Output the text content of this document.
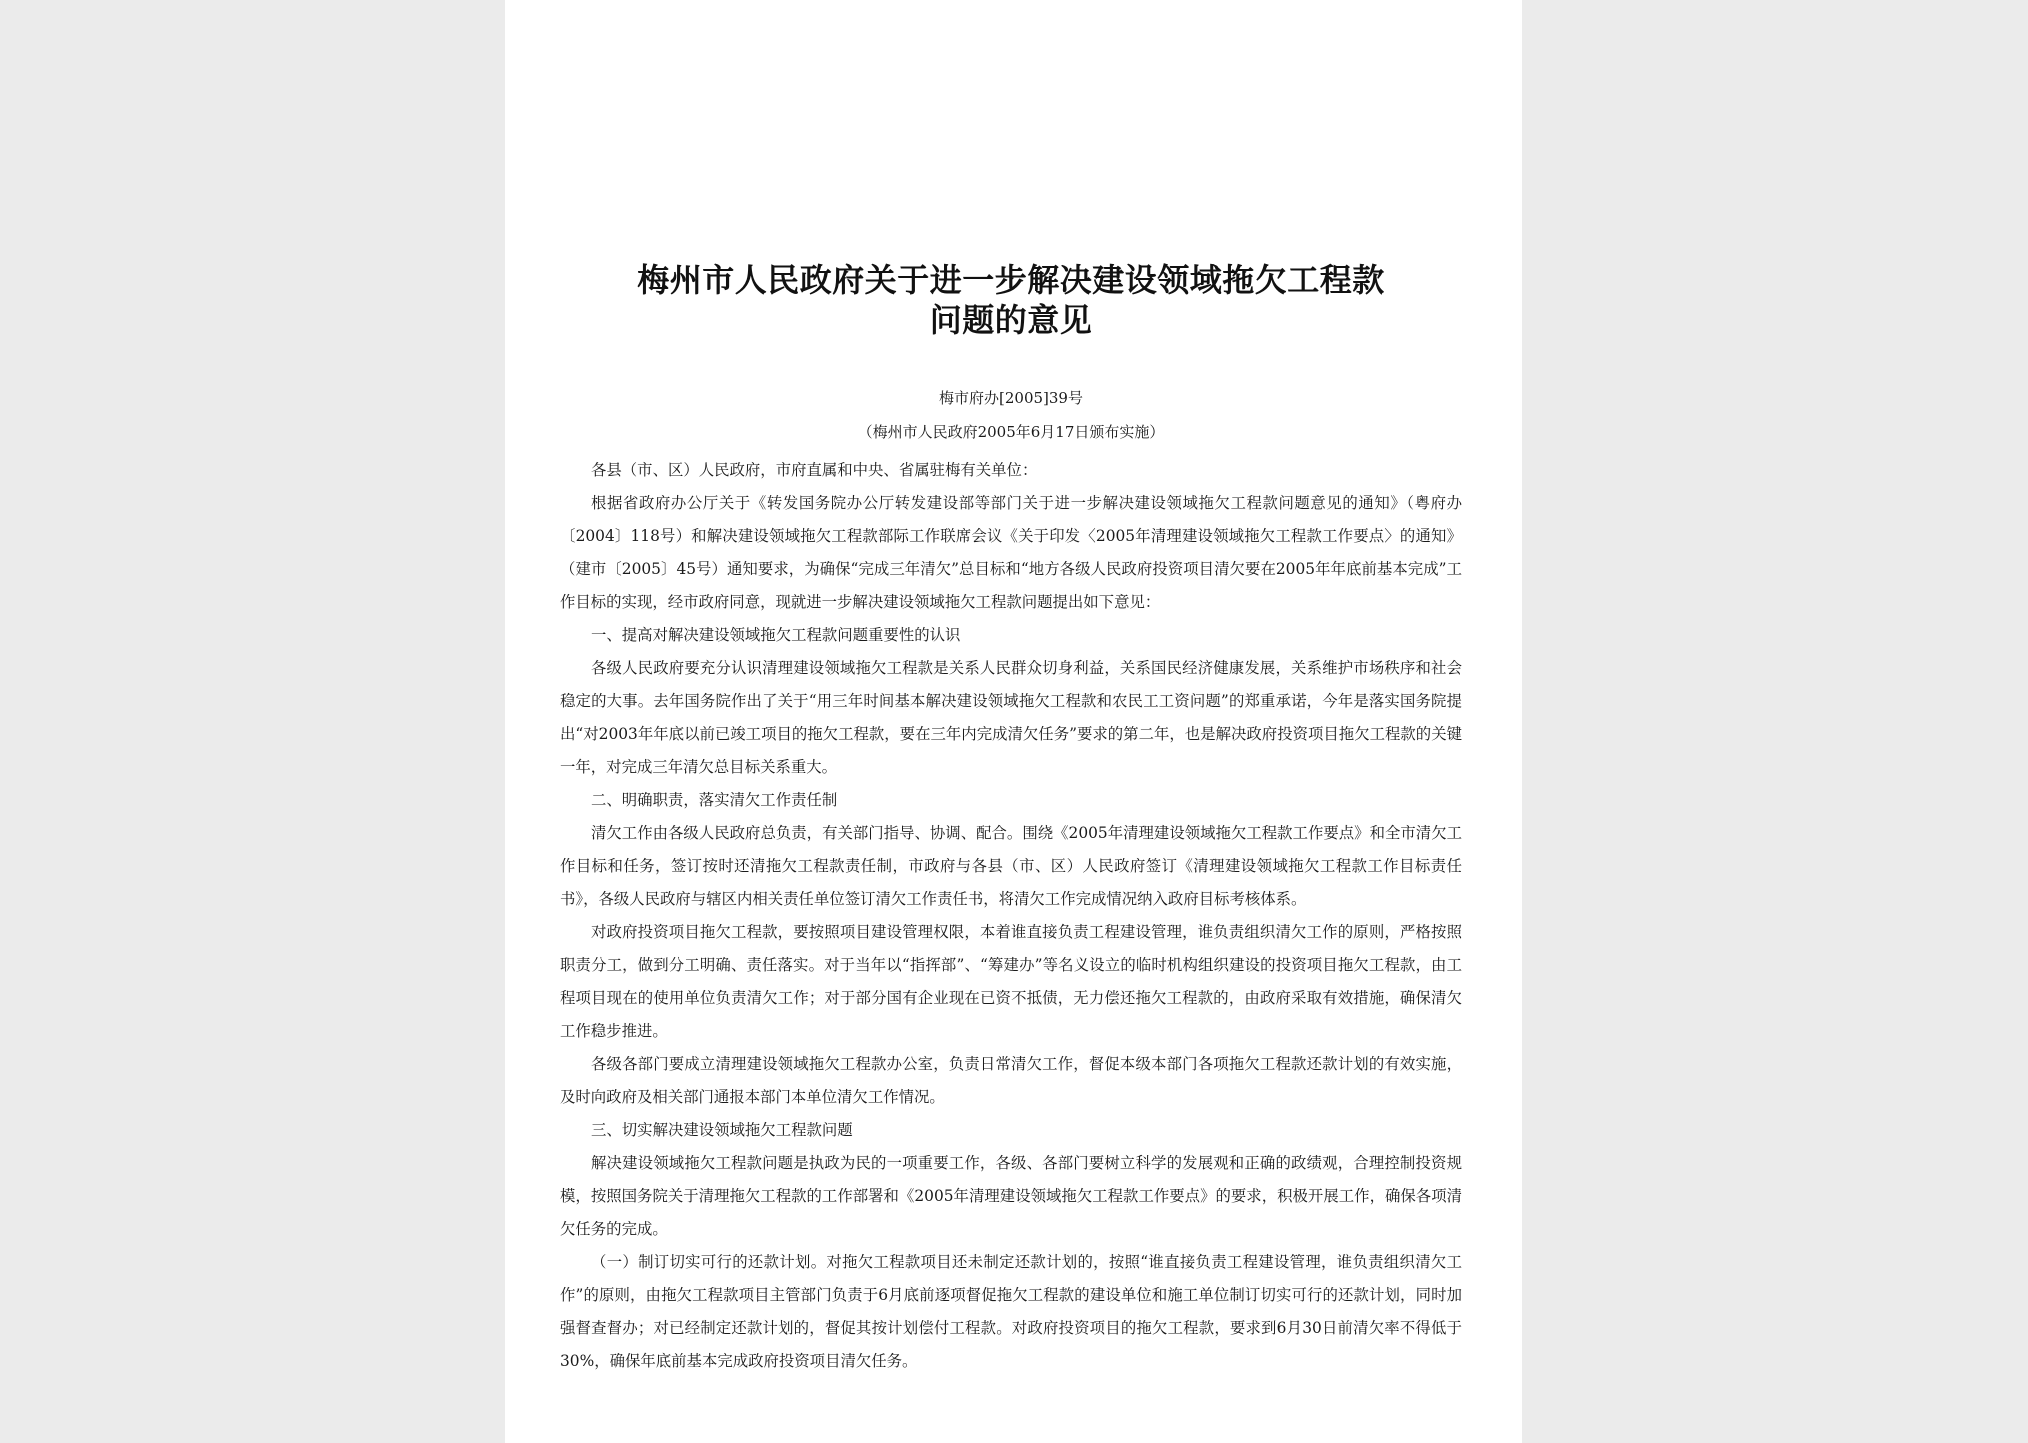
梅州市人民政府关于进一步解决建设领域拖欠工程款
问题的意见

梅市府办[2005]39号

（梅州市人民政府2005年6月17日颁布实施）

各县（市、区）人民政府，市府直属和中央、省属驻梅有关单位：

根据省政府办公厅关于《转发国务院办公厅转发建设部等部门关于进一步解决建设领域拖欠工程款问题意见的通知》（粤府办〔2004〕118号）和解决建设领域拖欠工程款部际工作联席会议《关于印发〈2005年清理建设领域拖欠工程款工作要点〉的通知》（建市〔2005〕45号）通知要求，为确保“完成三年清欠”总目标和“地方各级人民政府投资项目清欠要在2005年年底前基本完成”工作目标的实现，经市政府同意，现就进一步解决建设领域拖欠工程款问题提出如下意见：

一、提高对解决建设领域拖欠工程款问题重要性的认识

各级人民政府要充分认识清理建设领域拖欠工程款是关系人民群众切身利益，关系国民经济健康发展，关系维护市场秩序和社会稳定的大事。去年国务院作出了关于“用三年时间基本解决建设领域拖欠工程款和农民工工资问题”的郑重承诺，今年是落实国务院提出“对2003年年底以前已竣工项目的拖欠工程款，要在三年内完成清欠任务”要求的第二年，也是解决政府投资项目拖欠工程款的关键一年，对完成三年清欠总目标关系重大。

二、明确职责，落实清欠工作责任制

清欠工作由各级人民政府总负责，有关部门指导、协调、配合。围绕《2005年清理建设领域拖欠工程款工作要点》和全市清欠工作目标和任务，签订按时还清拖欠工程款责任制，市政府与各县（市、区）人民政府签订《清理建设领域拖欠工程款工作目标责任书》，各级人民政府与辖区内相关责任单位签订清欠工作责任书，将清欠工作完成情况纳入政府目标考核体系。

对政府投资项目拖欠工程款，要按照项目建设管理权限，本着谁直接负责工程建设管理，谁负责组织清欠工作的原则，严格按照职责分工，做到分工明确、责任落实。对于当年以“指挥部”、“筹建办”等名义设立的临时机构组织建设的投资项目拖欠工程款，由工程项目现在的使用单位负责清欠工作；对于部分国有企业现在已资不抵债，无力偿还拖欠工程款的，由政府采取有效措施，确保清欠工作稳步推进。

各级各部门要成立清理建设领域拖欠工程款办公室，负责日常清欠工作，督促本级本部门各项拖欠工程款还款计划的有效实施，及时向政府及相关部门通报本部门本单位清欠工作情况。

三、切实解决建设领域拖欠工程款问题

解决建设领域拖欠工程款问题是执政为民的一项重要工作，各级、各部门要树立科学的发展观和正确的政绩观，合理控制投资规模，按照国务院关于清理拖欠工程款的工作部署和《2005年清理建设领域拖欠工程款工作要点》的要求，积极开展工作，确保各项清欠任务的完成。

（一）制订切实可行的还款计划。对拖欠工程款项目还未制定还款计划的，按照“谁直接负责工程建设管理，谁负责组织清欠工作”的原则，由拖欠工程款项目主管部门负责于6月底前逐项督促拖欠工程款的建设单位和施工单位制订切实可行的还款计划，同时加强督查督办；对已经制定还款计划的，督促其按计划偿付工程款。对政府投资项目的拖欠工程款，要求到6月30日前清欠率不得低于30%，确保年底前基本完成政府投资项目清欠任务。
